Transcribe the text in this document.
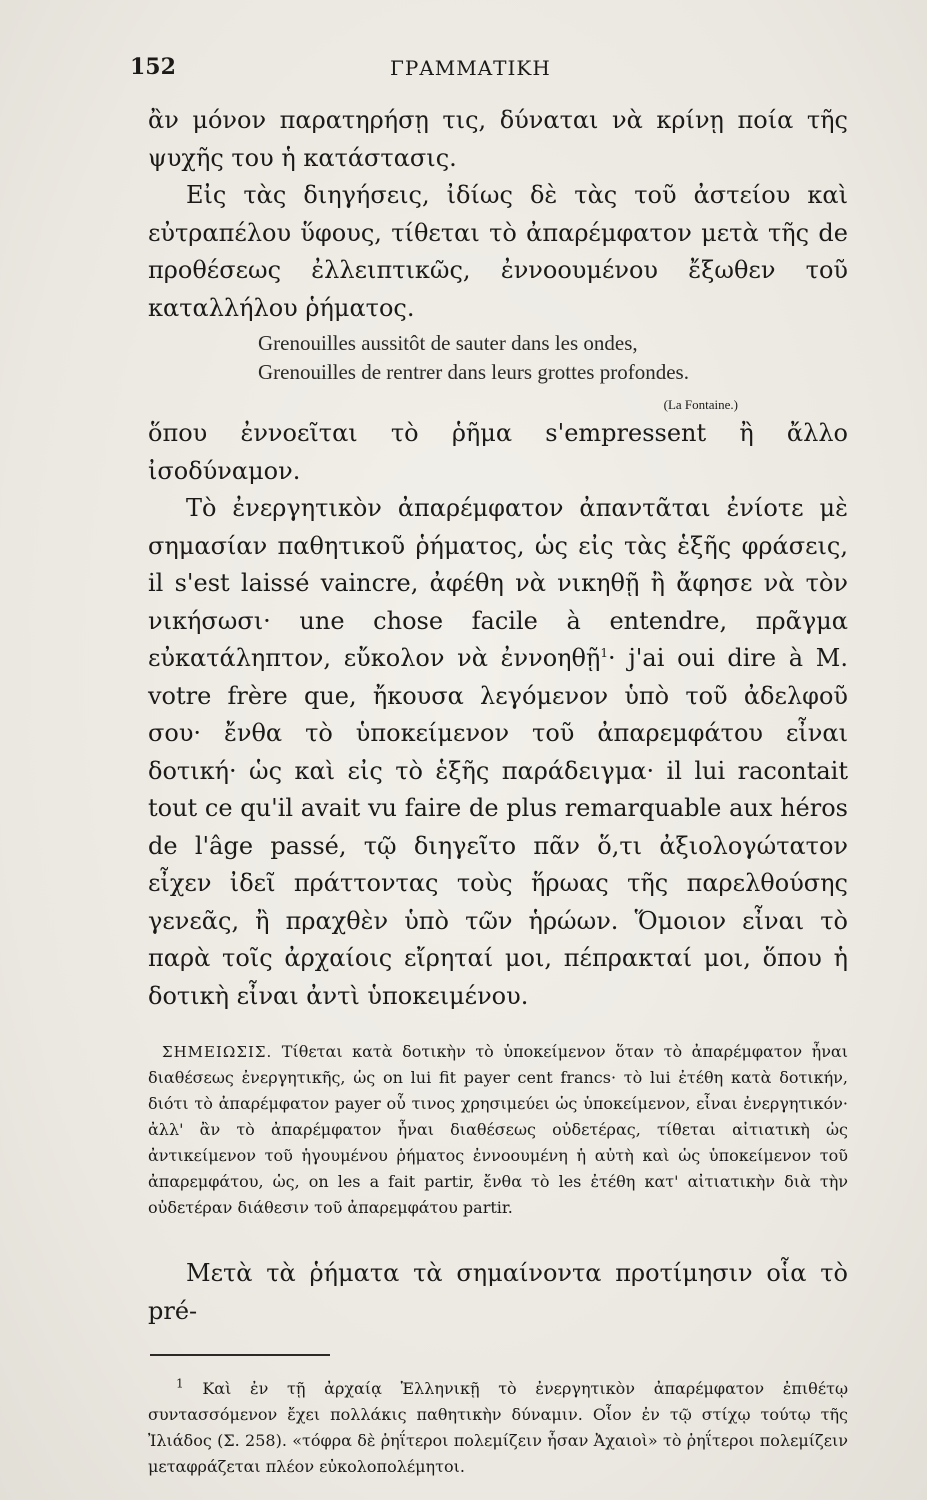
152	ΓΡΑΜΜΑΤΙΚΗ

ἂν μόνον παρατηρήσῃ τις, δύναται νὰ κρίνῃ ποία τῆς ψυχῆς του ἡ κατάστασις.

Εἰς τὰς διηγήσεις, ἰδίως δὲ τὰς τοῦ ἀστείου καὶ εὐτραπέλου ὕφους, τίθεται τὸ ἀπαρέμφατον μετὰ τῆς de προθέσεως ἐλλειπτικῶς, ἐννοουμένου ἔξωθεν τοῦ καταλλήλου ῥήματος.

Grenouilles aussitôt de sauter dans les ondes,
Grenouilles de rentrer dans leurs grottes profondes.
(La Fontaine.)

ὅπου ἐννοεῖται τὸ ῥῆμα s'empressent ἢ ἄλλο ἰσοδύναμον.

Τὸ ἐνεργητικὸν ἀπαρέμφατον ἀπαντᾶται ἐνίοτε μὲ σημασίαν παθητικοῦ ῥήματος, ὡς εἰς τὰς ἑξῆς φράσεις, il s'est laissé vaincre, ἀφέθη νὰ νικηθῇ ἢ ἄφησε νὰ τὸν νικήσωσι· une chose facile à entendre, πρᾶγμα εὐκατάληπτον, εὔκολον νὰ ἐννοηθῇ$^1$· j'ai oui dire à M. votre frère que, ἤκουσα λεγόμενον ὑπὸ τοῦ ἀδελφοῦ σου· ἔνθα τὸ ὑποκείμενον τοῦ ἀπαρεμφάτου εἶναι δοτική· ὡς καὶ εἰς τὸ ἑξῆς παράδειγμα· il lui racontait tout ce qu'il avait vu faire de plus remarquable aux héros de l'âge passé, τῷ διηγεῖτο πᾶν ὅ,τι ἀξιολογώτατον εἶχεν ἰδεῖ πράττοντας τοὺς ἥρωας τῆς παρελθούσης γενεᾶς, ἢ πραχθὲν ὑπὸ τῶν ἡρώων. Ὅμοιον εἶναι τὸ παρὰ τοῖς ἀρχαίοις εἴρηταί μοι, πέπρακταί μοι, ὅπου ἡ δοτικὴ εἶναι ἀντὶ ὑποκειμένου.

ΣΗΜΕΙΩΣΙΣ. Τίθεται κατὰ δοτικὴν τὸ ὑποκείμενον ὅταν τὸ ἀπαρέμφατον ἦναι διαθέσεως ἐνεργητικῆς, ὡς on lui fit payer cent francs· τὸ lui ἐτέθη κατὰ δοτικήν, διότι τὸ ἀπαρέμφατον payer οὗ τινος χρησιμεύει ὡς ὑποκείμενον, εἶναι ἐνεργητικόν· ἀλλ' ἂν τὸ ἀπαρέμφατον ἦναι διαθέσεως οὐδετέρας, τίθεται αἰτιατικὴ ὡς ἀντικείμενον τοῦ ἡγουμένου ῥήματος ἐννοουμένη ἡ αὐτὴ καὶ ὡς ὑποκείμενον τοῦ ἀπαρεμφάτου, ὡς, on les a fait partir, ἔνθα τὸ les ἐτέθη κατ' αἰτιατικὴν διὰ τὴν οὐδετέραν διάθεσιν τοῦ ἀπαρεμφάτου partir.

Μετὰ τὰ ῥήματα τὰ σημαίνοντα προτίμησιν οἷα τὸ pré-

$^1$ Καὶ ἐν τῇ ἀρχαίᾳ Ἑλληνικῇ τὸ ἐνεργητικὸν ἀπαρέμφατον ἐπιθέτῳ συντασσόμενον ἔχει πολλάκις παθητικὴν δύναμιν. Οἷον ἐν τῷ στίχῳ τούτῳ τῆς Ἰλιάδος (Σ. 258). «τόφρα δὲ ῥηΐτεροι πολεμίζειν ἦσαν Ἀχαιοὶ» τὸ ῥηΐτεροι πολεμίζειν μεταφράζεται πλέον εὐκολοπολέμητοι.
